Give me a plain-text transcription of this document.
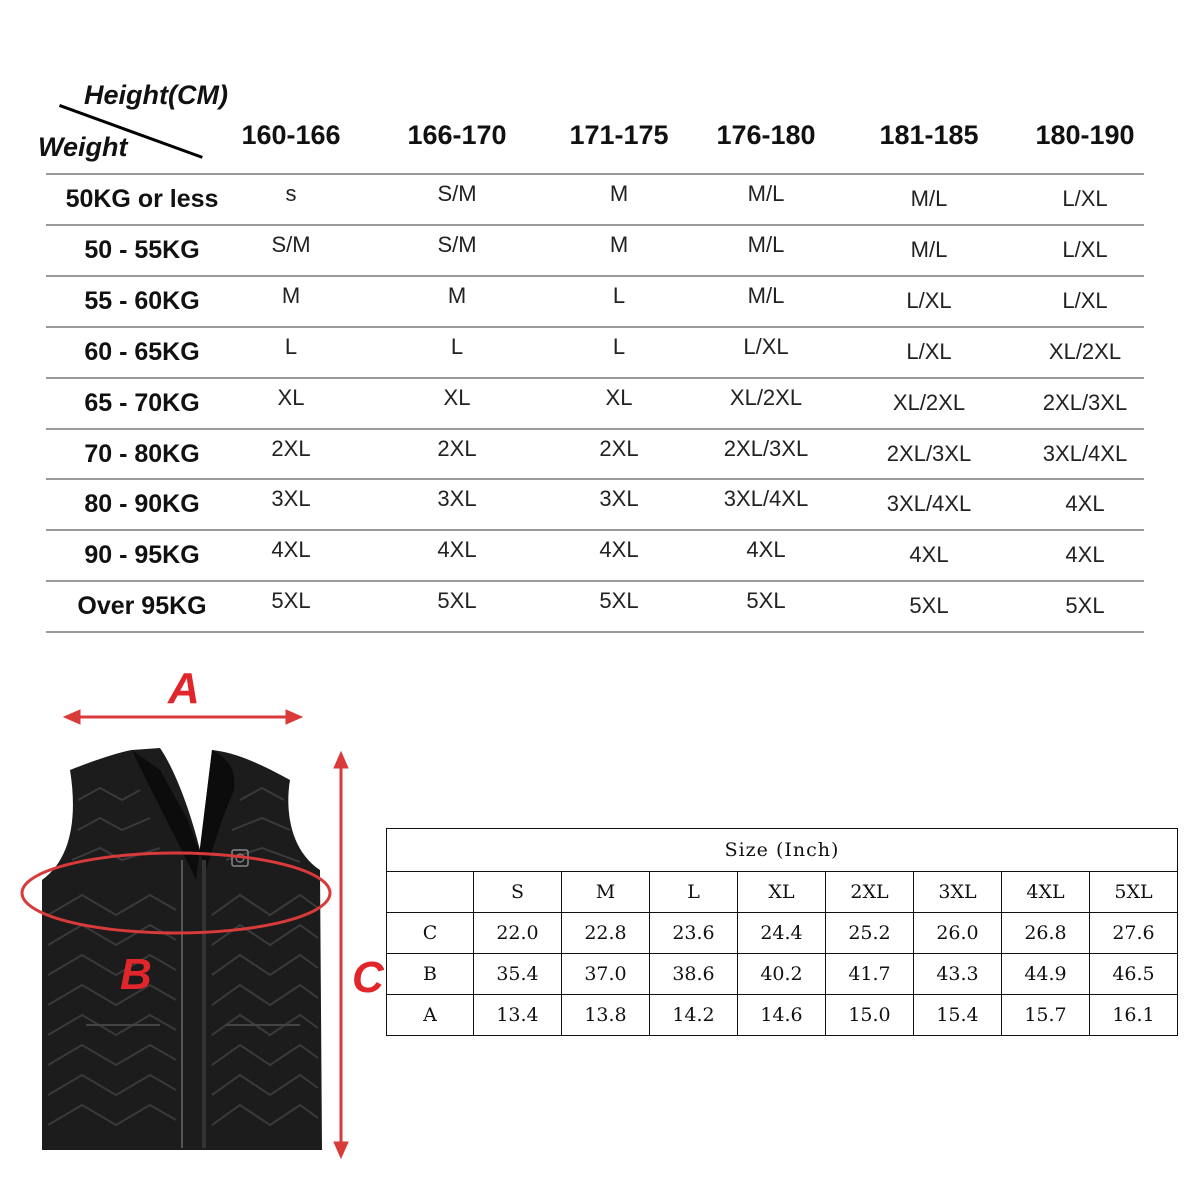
Height(CM)
Weight	160-166	166-170	171-175	176-180	181-185	180-190
50KG or less	s	S/M	M	M/L	M/L	L/XL
50 - 55KG	S/M	S/M	M	M/L	M/L	L/XL
55 - 60KG	M	M	L	M/L	L/XL	L/XL
60 - 65KG	L	L	L	L/XL	L/XL	XL/2XL
65 - 70KG	XL	XL	XL	XL/2XL	XL/2XL	2XL/3XL
70 - 80KG	2XL	2XL	2XL	2XL/3XL	2XL/3XL	3XL/4XL
80 - 90KG	3XL	3XL	3XL	3XL/4XL	3XL/4XL	4XL
90 - 95KG	4XL	4XL	4XL	4XL	4XL	4XL
Over 95KG	5XL	5XL	5XL	5XL	5XL	5XL
A
B	C
Size (Inch)								
	S	M	L	XL	2XL	3XL	4XL	5XL
C	22.0	22.8	23.6	24.4	25.2	26.0	26.8	27.6
B	35.4	37.0	38.6	40.2	41.7	43.3	44.9	46.5
A	13.4	13.8	14.2	14.6	15.0	15.4	15.7	16.1
